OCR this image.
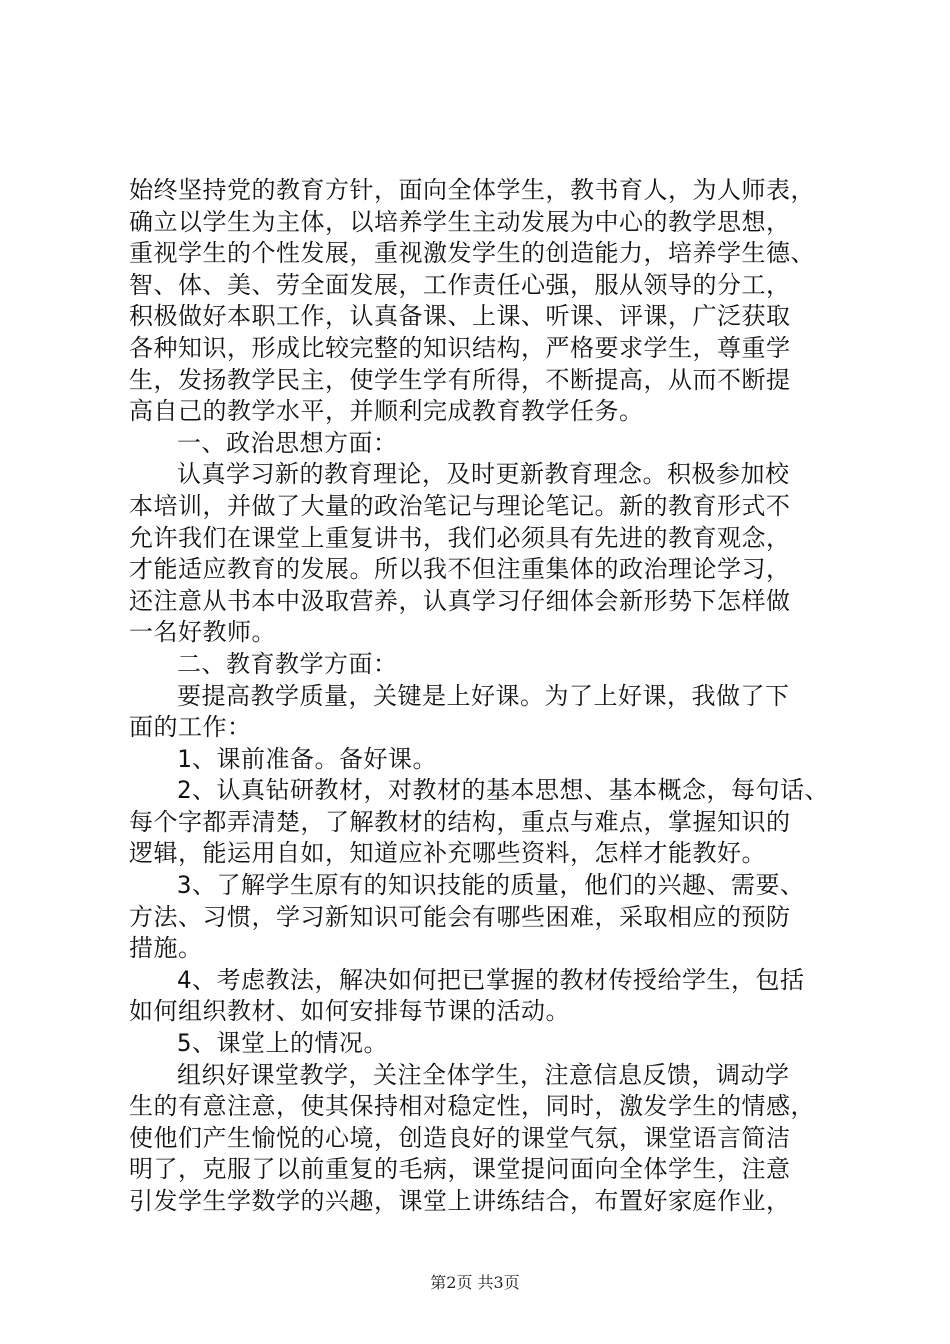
始终坚持党的教育方针，面向全体学生，教书育人，为人师表，
确立以学生为主体，以培养学生主动发展为中心的教学思想，
重视学生的个性发展，重视激发学生的创造能力，培养学生德、
智、体、美、劳全面发展，工作责任心强，服从领导的分工，
积极做好本职工作，认真备课、上课、听课、评课，广泛获取
各种知识，形成比较完整的知识结构，严格要求学生，尊重学
生，发扬教学民主，使学生学有所得，不断提高，从而不断提
高自己的教学水平，并顺利完成教育教学任务。
一、政治思想方面：
认真学习新的教育理论，及时更新教育理念。积极参加校
本培训，并做了大量的政治笔记与理论笔记。新的教育形式不
允许我们在课堂上重复讲书，我们必须具有先进的教育观念，
才能适应教育的发展。所以我不但注重集体的政治理论学习，
还注意从书本中汲取营养，认真学习仔细体会新形势下怎样做
一名好教师。
二、教育教学方面：
要提高教学质量，关键是上好课。为了上好课，我做了下
面的工作：
1、课前准备。备好课。
2、认真钻研教材，对教材的基本思想、基本概念，每句话、
每个字都弄清楚，了解教材的结构，重点与难点，掌握知识的
逻辑，能运用自如，知道应补充哪些资料，怎样才能教好。
3、了解学生原有的知识技能的质量，他们的兴趣、需要、
方法、习惯，学习新知识可能会有哪些困难，采取相应的预防
措施。
4、考虑教法，解决如何把已掌握的教材传授给学生，包括
如何组织教材、如何安排每节课的活动。
5、课堂上的情况。
组织好课堂教学，关注全体学生，注意信息反馈，调动学
生的有意注意，使其保持相对稳定性，同时，激发学生的情感，
使他们产生愉悦的心境，创造良好的课堂气氛，课堂语言简洁
明了，克服了以前重复的毛病，课堂提问面向全体学生，注意
引发学生学数学的兴趣，课堂上讲练结合，布置好家庭作业，
第2页 共3页
